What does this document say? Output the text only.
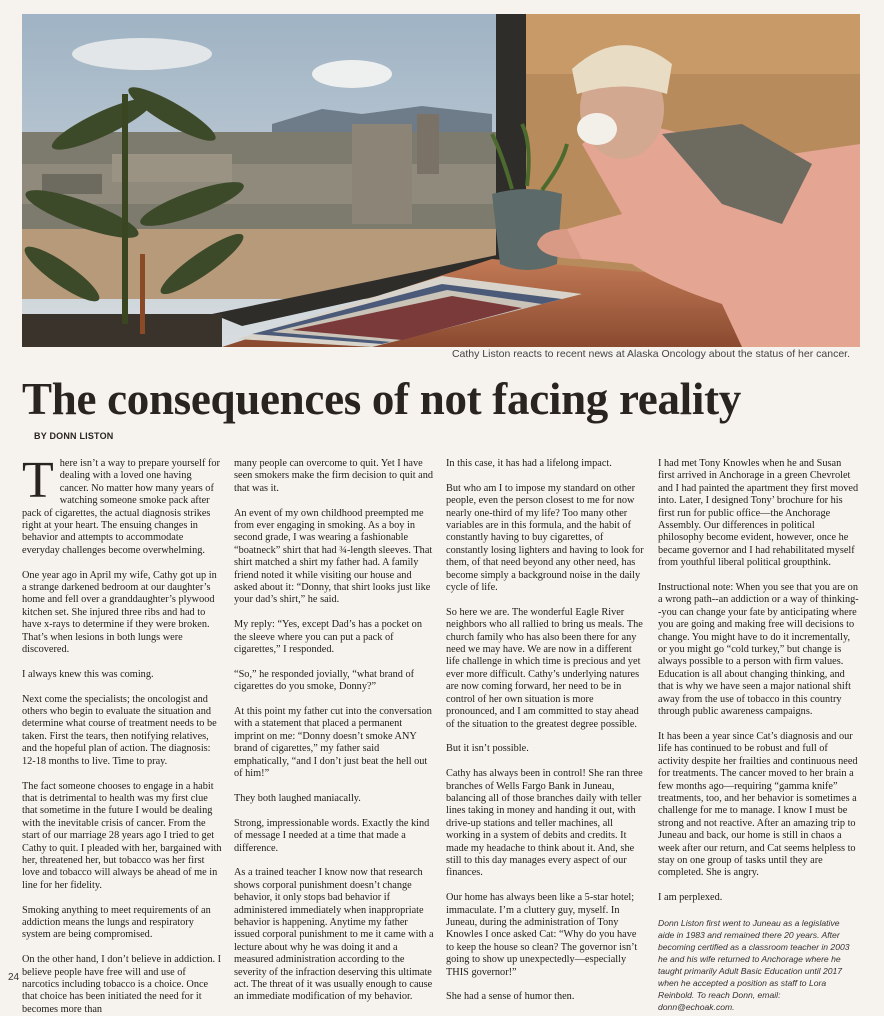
Cathy Liston reacts to recent news at Alaska Oncology about the status of her cancer.
The consequences of not facing reality
BY DONN LISTON

There isn’t a way to prepare yourself for dealing with a loved one having cancer. No matter how many years of watching someone smoke pack after pack of cigarettes, the actual diagnosis strikes right at your heart. The ensuing changes in behavior and attempts to accommodate everyday challenges become overwhelming.

One year ago in April my wife, Cathy got up in a strange darkened bedroom at our daughter’s home and fell over a granddaughter’s plywood kitchen set. She injured three ribs and had to have x-rays to determine if they were broken. That’s when lesions in both lungs were discovered.

I always knew this was coming.

Next come the specialists; the oncologist and others who begin to evaluate the situation and determine what course of treatment needs to be taken. First the tears, then notifying relatives, and the hopeful plan of action. The diagnosis: 12-18 months to live. Time to pray.

The fact someone chooses to engage in a habit that is detrimental to health was my first clue that sometime in the future I would be dealing with the inevitable crisis of cancer. From the start of our marriage 28 years ago I tried to get Cathy to quit. I pleaded with her, bargained with her, threatened her, but tobacco was her first love and tobacco will always be ahead of me in line for her fidelity.

Smoking anything to meet requirements of an addiction means the lungs and respiratory system are being compromised.

On the other hand, I don’t believe in addiction. I believe people have free will and use of narcotics including tobacco is a choice. Once that choice has been initiated the need for it becomes more than

many people can overcome to quit. Yet I have seen smokers make the firm decision to quit and that was it.

An event of my own childhood preempted me from ever engaging in smoking. As a boy in second grade, I was wearing a fashionable “boatneck” shirt that had ¾-length sleeves. That shirt matched a shirt my father had. A family friend noted it while visiting our house and asked about it: “Donny, that shirt looks just like your dad’s shirt,” he said.

My reply: “Yes, except Dad’s has a pocket on the sleeve where you can put a pack of cigarettes,” I responded.

“So,” he responded jovially, “what brand of cigarettes do you smoke, Donny?”

At this point my father cut into the conversation with a statement that placed a permanent imprint on me: “Donny doesn’t smoke ANY brand of cigarettes,” my father said emphatically, “and I don’t just beat the hell out of him!”

They both laughed maniacally.

Strong, impressionable words. Exactly the kind of message I needed at a time that made a difference.

As a trained teacher I know now that research shows corporal punishment doesn’t change behavior, it only stops bad behavior if administered immediately when inappropriate behavior is happening. Anytime my father issued corporal punishment to me it came with a lecture about why he was doing it and a measured administration according to the severity of the infraction deserving this ultimate act. The threat of it was usually enough to cause an immediate modification of my behavior.

In this case, it has had a lifelong impact.

But who am I to impose my standard on other people, even the person closest to me for now nearly one-third of my life? Too many other variables are in this formula, and the habit of constantly having to buy cigarettes, of constantly losing lighters and having to look for them, of that need beyond any other need, has become simply a background noise in the daily cycle of life.

So here we are. The wonderful Eagle River neighbors who all rallied to bring us meals. The church family who has also been there for any need we may have. We are now in a different life challenge in which time is precious and yet ever more difficult. Cathy’s underlying natures are now coming forward, her need to be in control of her own situation is more pronounced, and I am committed to stay ahead of the situation to the greatest degree possible.

But it isn’t possible.

Cathy has always been in control! She ran three branches of Wells Fargo Bank in Juneau, balancing all of those branches daily with teller lines taking in money and handing it out, with drive-up stations and teller machines, all working in a system of debits and credits. It made my headache to think about it. And, she still to this day manages every aspect of our finances.

Our home has always been like a 5-star hotel; immaculate. I’m a cluttery guy, myself. In Juneau, during the administration of Tony Knowles I once asked Cat: “Why do you have to keep the house so clean? The governor isn’t going to show up unexpectedly—especially THIS governor!”

She had a sense of humor then.

I had met Tony Knowles when he and Susan first arrived in Anchorage in a green Chevrolet and I had painted the apartment they first moved into. Later, I designed Tony’ brochure for his first run for public office—the Anchorage Assembly. Our differences in political philosophy become evident, however, once he became governor and I had rehabilitated myself from youthful liberal political groupthink.

Instructional note: When you see that you are on a wrong path--an addiction or a way of thinking--you can change your fate by anticipating where you are going and making free will decisions to change. You might have to do it incrementally, or you might go “cold turkey,” but change is always possible to a person with firm values. Education is all about changing thinking, and that is why we have seen a major national shift away from the use of tobacco in this country through public awareness campaigns.

It has been a year since Cat’s diagnosis and our life has continued to be robust and full of activity despite her frailties and continuous need for treatments. The cancer moved to her brain a few months ago—requiring “gamma knife” treatments, too, and her behavior is sometimes a challenge for me to manage. I know I must be strong and not reactive. After an amazing trip to Juneau and back, our home is still in chaos a week after our return, and Cat seems helpless to stay on one group of tasks until they are completed. She is angry.

I am perplexed.

Donn Liston first went to Juneau as a legislative aide in 1983 and remained there 20 years. After becoming certified as a classroom teacher in 2003 he and his wife returned to Anchorage where he taught primarily Adult Basic Education until 2017 when he accepted a position as staff to Lora Reinbold. To reach Donn, email: donn@echoak.com.

24
